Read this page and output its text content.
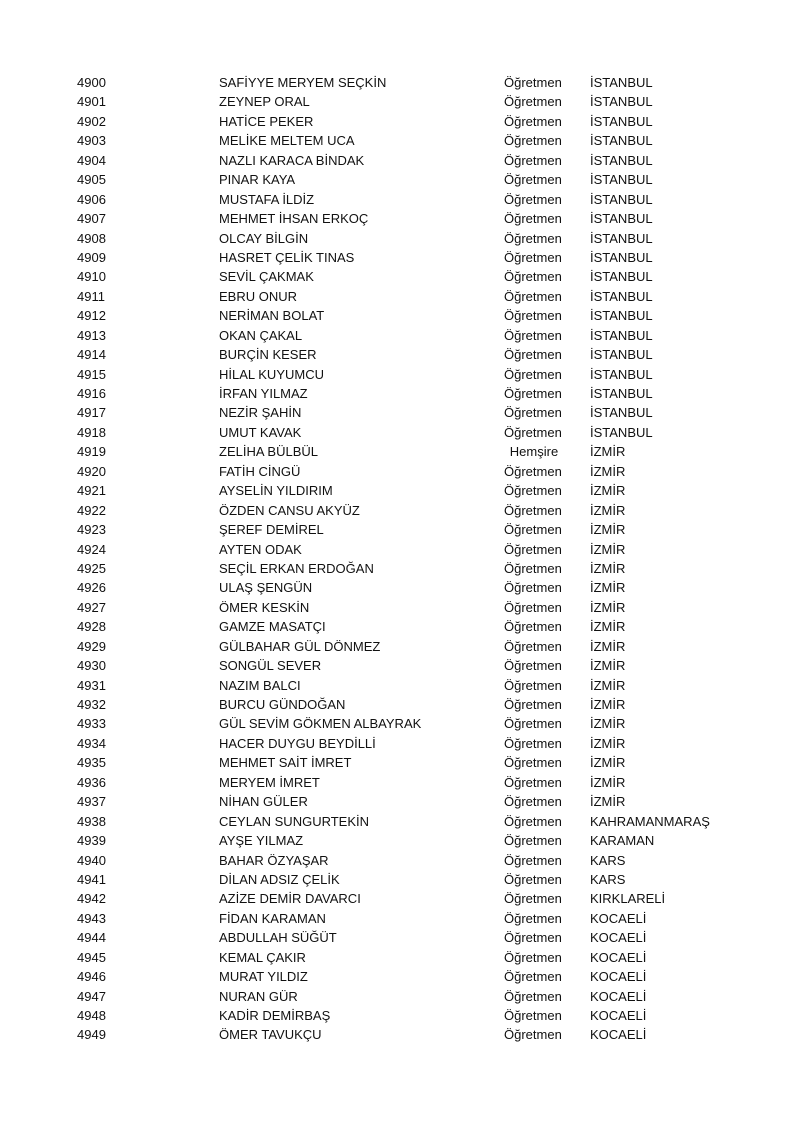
4900	SAFİYYE MERYEM SEÇKİN	Öğretmen İSTANBUL
4901	ZEYNEP ORAL	Öğretmen İSTANBUL
4902	HATİCE PEKER	Öğretmen İSTANBUL
4903	MELİKE MELTEM UCA	Öğretmen İSTANBUL
4904	NAZLI KARACA BİNDAK	Öğretmen İSTANBUL
4905	PINAR KAYA	Öğretmen İSTANBUL
4906	MUSTAFA İLDİZ	Öğretmen İSTANBUL
4907	MEHMET İHSAN ERKOÇ	Öğretmen İSTANBUL
4908	OLCAY BİLGİN	Öğretmen İSTANBUL
4909	HASRET ÇELİK TINAS	Öğretmen İSTANBUL
4910	SEVİL ÇAKMAK	Öğretmen İSTANBUL
4911	EBRU ONUR	Öğretmen İSTANBUL
4912	NERİMAN BOLAT	Öğretmen İSTANBUL
4913	OKAN ÇAKAL	Öğretmen İSTANBUL
4914	BURÇİN KESER	Öğretmen İSTANBUL
4915	HİLAL KUYUMCU	Öğretmen İSTANBUL
4916	İRFAN YILMAZ	Öğretmen İSTANBUL
4917	NEZİR ŞAHİN	Öğretmen İSTANBUL
4918	UMUT KAVAK	Öğretmen İSTANBUL
4919	ZELİHA BÜLBÜL	Hemşire	İZMİR
4920	FATİH CİNGÜ	Öğretmen İZMİR
4921	AYSELİN YILDIRIM	Öğretmen İZMİR
4922	ÖZDEN CANSU AKYÜZ	Öğretmen İZMİR
4923	ŞEREF DEMİREL	Öğretmen İZMİR
4924	AYTEN ODAK	Öğretmen İZMİR
4925	SEÇİL ERKAN ERDOĞAN	Öğretmen İZMİR
4926	ULAŞ ŞENGÜN	Öğretmen İZMİR
4927	ÖMER KESKİN	Öğretmen İZMİR
4928	GAMZE MASATÇI	Öğretmen İZMİR
4929	GÜLBAHAR GÜL DÖNMEZ	Öğretmen İZMİR
4930	SONGÜL SEVER	Öğretmen İZMİR
4931	NAZIM BALCI	Öğretmen İZMİR
4932	BURCU GÜNDOĞAN	Öğretmen İZMİR
4933	GÜL SEVİM GÖKMEN ALBAYRAK	Öğretmen İZMİR
4934	HACER DUYGU BEYDİLLİ	Öğretmen İZMİR
4935	MEHMET SAİT İMRET	Öğretmen İZMİR
4936	MERYEM İMRET	Öğretmen İZMİR
4937	NİHAN GÜLER	Öğretmen İZMİR
4938	CEYLAN SUNGURTEKİN	Öğretmen KAHRAMANMARAŞ
4939	AYŞE YILMAZ	Öğretmen KARAMAN
4940	BAHAR ÖZYAŞAR	Öğretmen KARS
4941	DİLAN ADSIZ ÇELİK	Öğretmen KARS
4942	AZİZE DEMİR DAVARCI	Öğretmen KIRKLARELİ
4943	FİDAN KARAMAN	Öğretmen KOCAELİ
4944	ABDULLAH SÜĞÜT	Öğretmen KOCAELİ
4945	KEMAL ÇAKIR	Öğretmen KOCAELİ
4946	MURAT YILDIZ	Öğretmen KOCAELİ
4947	NURAN GÜR	Öğretmen KOCAELİ
4948	KADİR DEMİRBAŞ	Öğretmen KOCAELİ
4949	ÖMER TAVUKÇU	Öğretmen KOCAELİ
